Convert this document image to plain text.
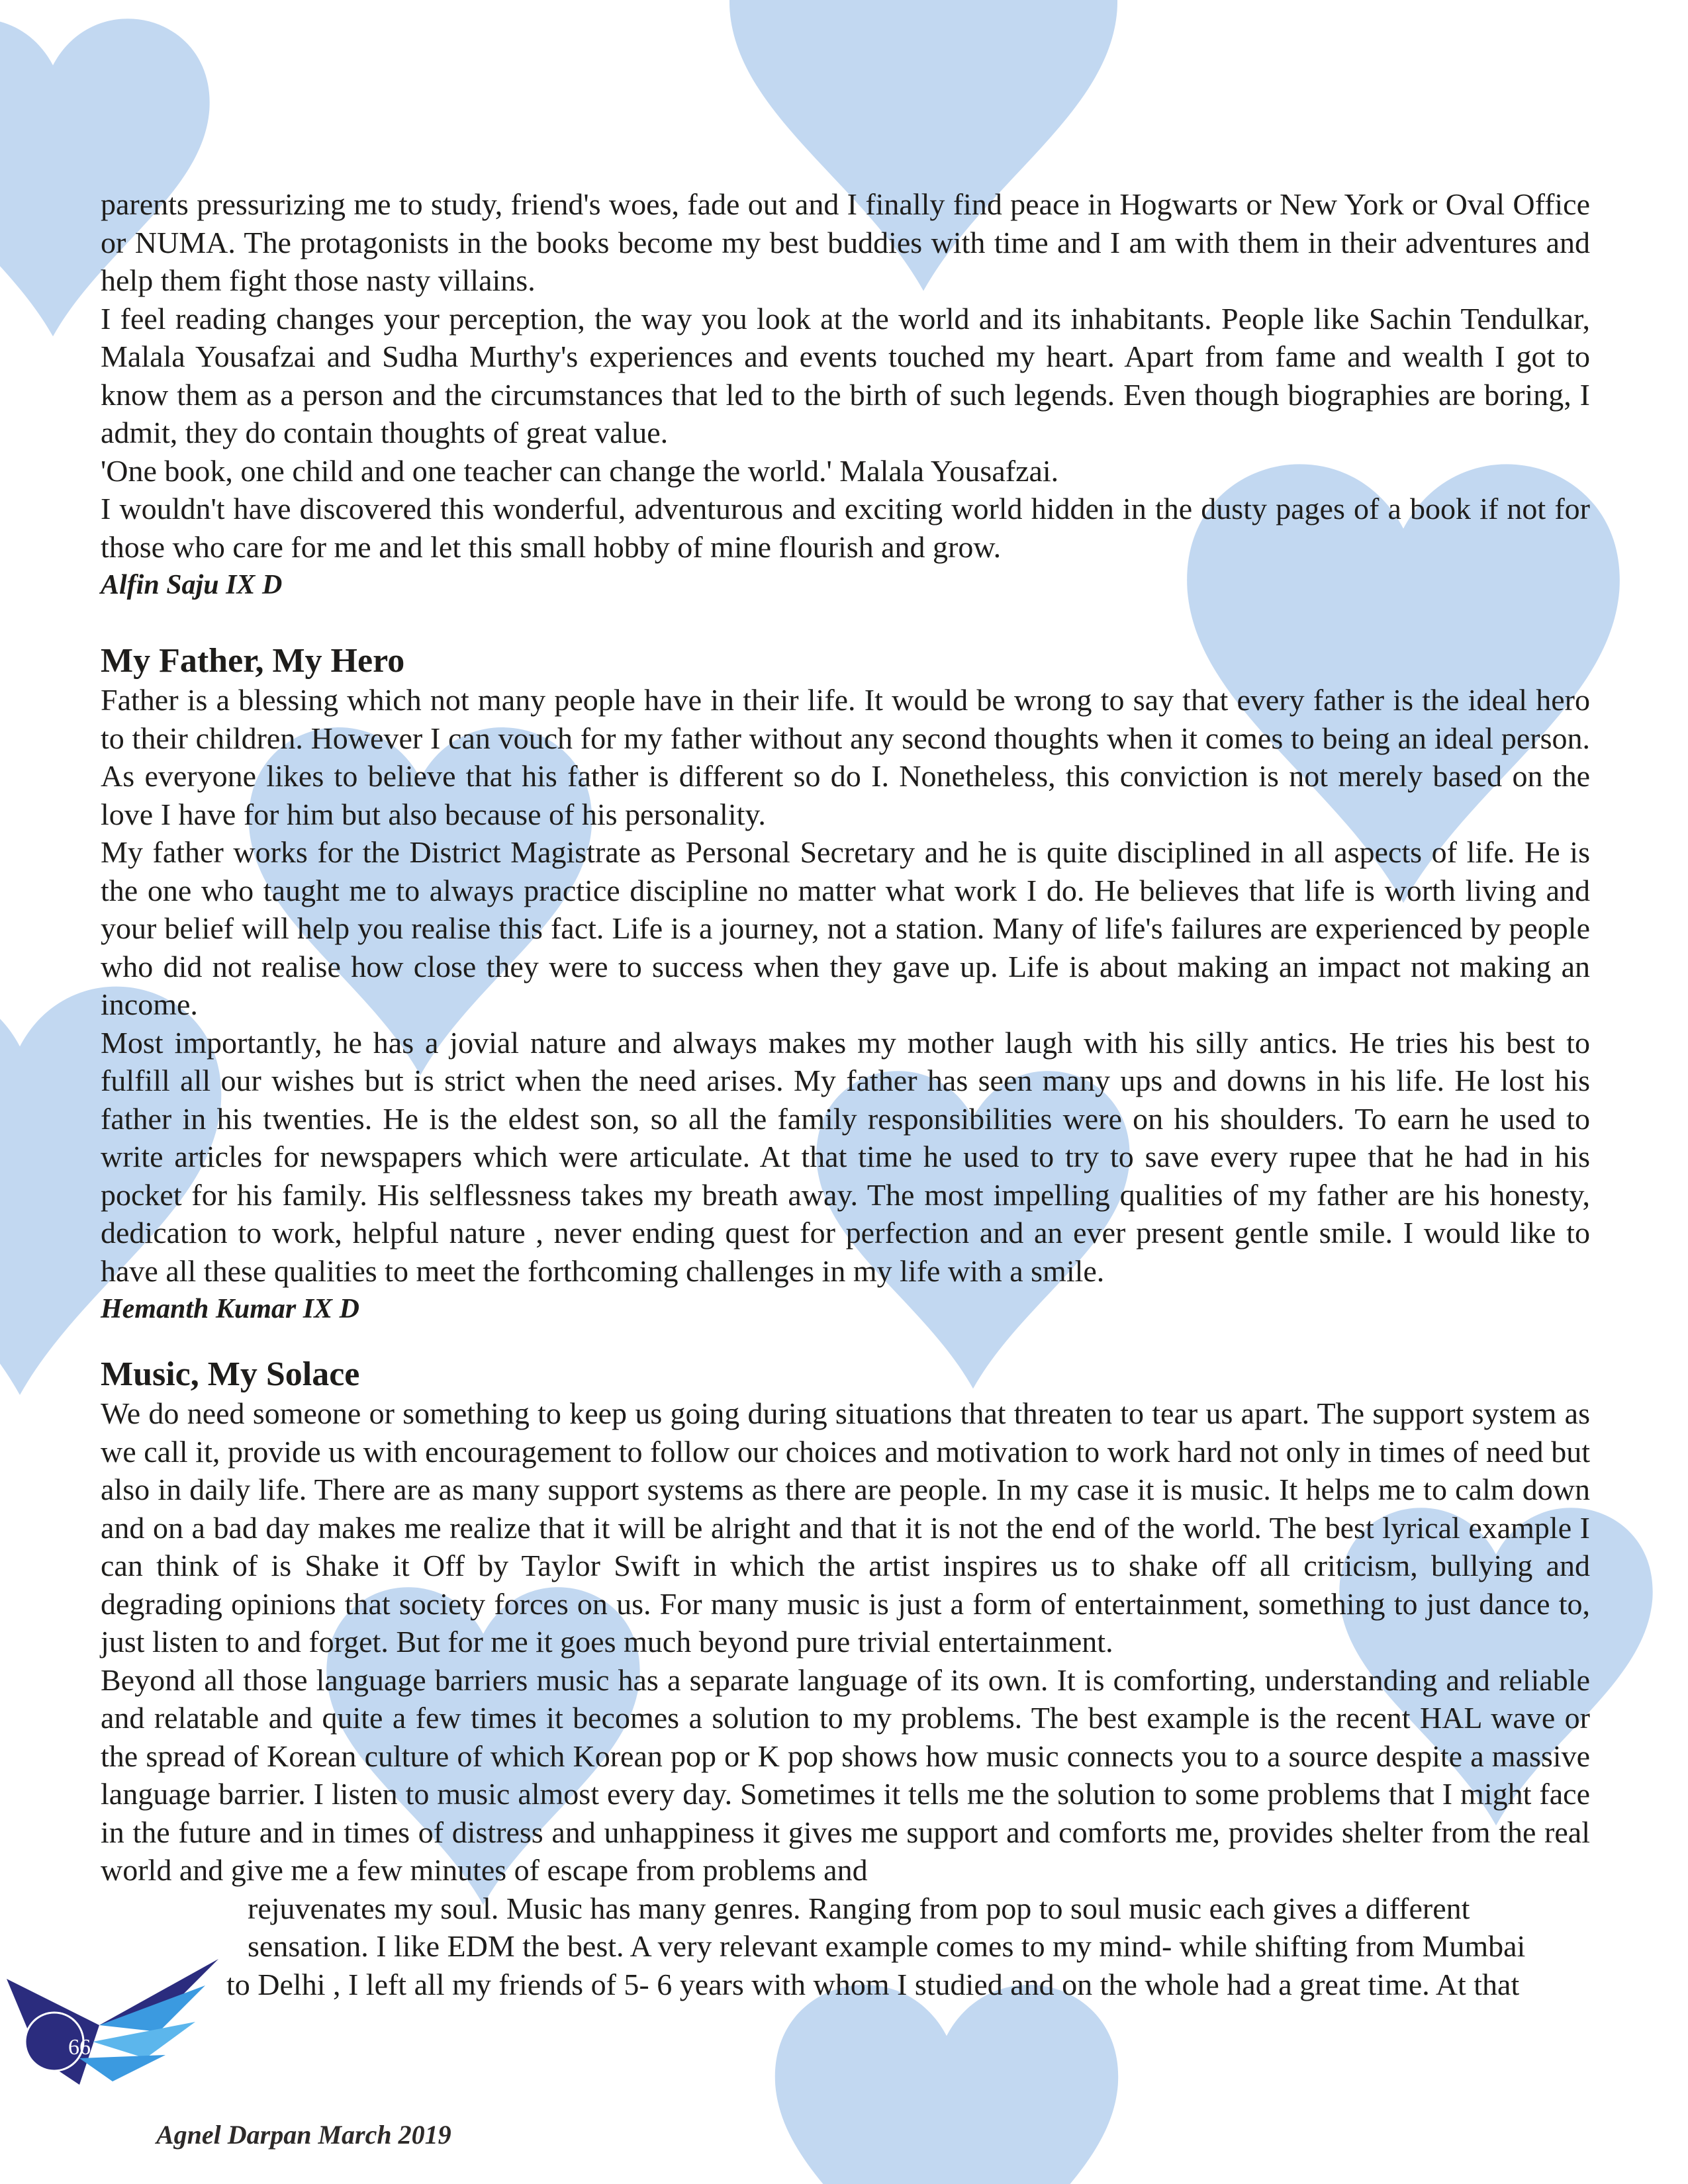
parents pressurizing me to study, friend's woes, fade out and I finally find peace in Hogwarts or New York or Oval Office or NUMA. The protagonists in the books become my best buddies with time and I am with them in their adventures and help them fight those nasty villains.

I feel reading changes your perception, the way you look at the world and its inhabitants. People like Sachin Tendulkar, Malala Yousafzai and Sudha Murthy's experiences and events touched my heart. Apart from fame and wealth I got to know them as a person and the circumstances that led to the birth of such legends. Even though biographies are boring, I admit, they do contain thoughts of great value.

'One book, one child and one teacher can change the world.' Malala Yousafzai.

I wouldn't have discovered this wonderful, adventurous and exciting world hidden in the dusty pages of a book if not for those who care for me and let this small hobby of mine flourish and grow.

Alfin Saju IX D

My Father, My Hero

Father is a blessing which not many people have in their life. It would be wrong to say that every father is the ideal hero to their children. However I can vouch for my father without any second thoughts when it comes to being an ideal person. As everyone likes to believe that his father is different so do I. Nonetheless, this conviction is not merely based on the love I have for him but also because of his personality.

My father works for the District Magistrate as Personal Secretary and he is quite disciplined in all aspects of life. He is the one who taught me to always practice discipline no matter what work I do. He believes that life is worth living and your belief will help you realise this fact. Life is a journey, not a station. Many of life's failures are experienced by people who did not realise how close they were to success when they gave up. Life is about making an impact not making an income.

Most importantly, he has a jovial nature and always makes my mother laugh with his silly antics. He tries his best to fulfill all our wishes but is strict when the need arises. My father has seen many ups and downs in his life. He lost his father in his twenties. He is the eldest son, so all the family responsibilities were on his shoulders. To earn he used to write articles for newspapers which were articulate. At that time he used to try to save every rupee that he had in his pocket for his family. His selflessness takes my breath away. The most impelling qualities of my father are his honesty, dedication to work, helpful nature , never ending quest for perfection and an ever present gentle smile. I would like to have all these qualities to meet the forthcoming challenges in my life with a smile.

Hemanth Kumar IX D

Music, My Solace

We do need someone or something to keep us going during situations that threaten to tear us apart. The support system as we call it, provide us with encouragement to follow our choices and motivation to work hard not only in times of need but also in daily life. There are as many support systems as there are people. In my case it is music. It helps me to calm down and on a bad day makes me realize that it will be alright and that it is not the end of the world. The best lyrical example I can think of is Shake it Off by Taylor Swift in which the artist inspires us to shake off all criticism, bullying and degrading opinions that society forces on us. For many music is just a form of entertainment, something to just dance to, just listen to and forget. But for me it goes much beyond pure trivial entertainment.

Beyond all those language barriers music has a separate language of its own. It is comforting, understanding and reliable and relatable and quite a few times it becomes a solution to my problems. The best example is the recent HAL wave or the spread of Korean culture of which Korean pop or K pop shows how music connects you to a source despite a massive language barrier. I listen to music almost every day. Sometimes it tells me the solution to some problems that I might face in the future and in times of distress and unhappiness it gives me support and comforts me, provides shelter from the real world and give me a few minutes of escape from problems and

rejuvenates my soul. Music has many genres. Ranging from pop to soul music each gives a different

sensation. I like EDM the best. A very relevant example comes to my mind- while shifting from Mumbai

to Delhi , I left all my friends of 5- 6 years with whom I studied and on the whole had a great time. At that

66
Agnel Darpan March 2019
